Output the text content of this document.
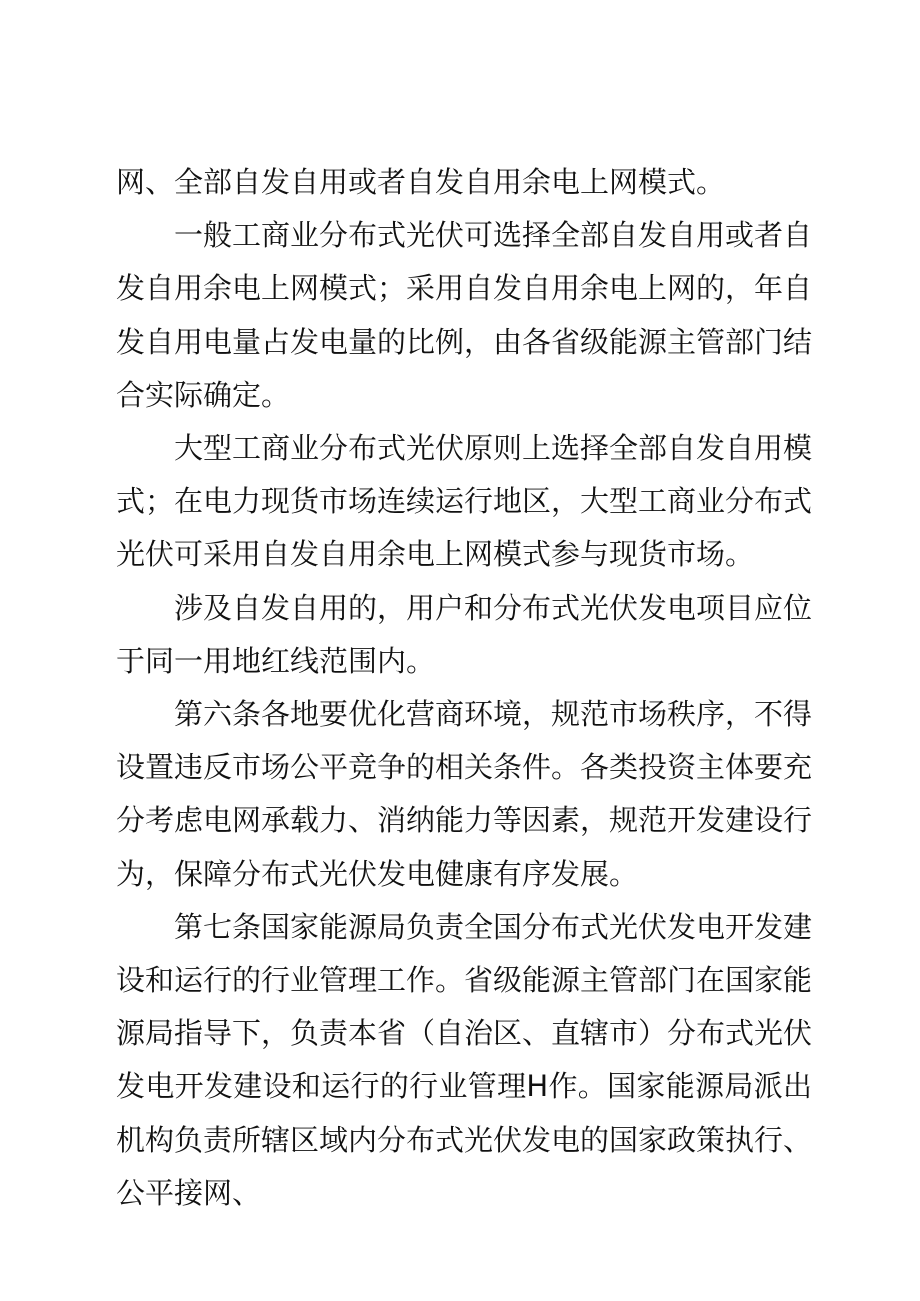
网、全部自发自用或者自发自用余电上网模式。

一般工商业分布式光伏可选择全部自发自用或者自发自用余电上网模式；采用自发自用余电上网的，年自发自用电量占发电量的比例，由各省级能源主管部门结合实际确定。

大型工商业分布式光伏原则上选择全部自发自用模式；在电力现货市场连续运行地区，大型工商业分布式光伏可采用自发自用余电上网模式参与现货市场。

涉及自发自用的，用户和分布式光伏发电项目应位于同一用地红线范围内。

第六条各地要优化营商环境，规范市场秩序，不得设置违反市场公平竞争的相关条件。各类投资主体要充分考虑电网承载力、消纳能力等因素，规范开发建设行为，保障分布式光伏发电健康有序发展。

第七条国家能源局负责全国分布式光伏发电开发建设和运行的行业管理工作。省级能源主管部门在国家能源局指导下，负责本省（自治区、直辖市）分布式光伏发电开发建设和运行的行业管理H作。国家能源局派出机构负责所辖区域内分布式光伏发电的国家政策执行、公平接网、
